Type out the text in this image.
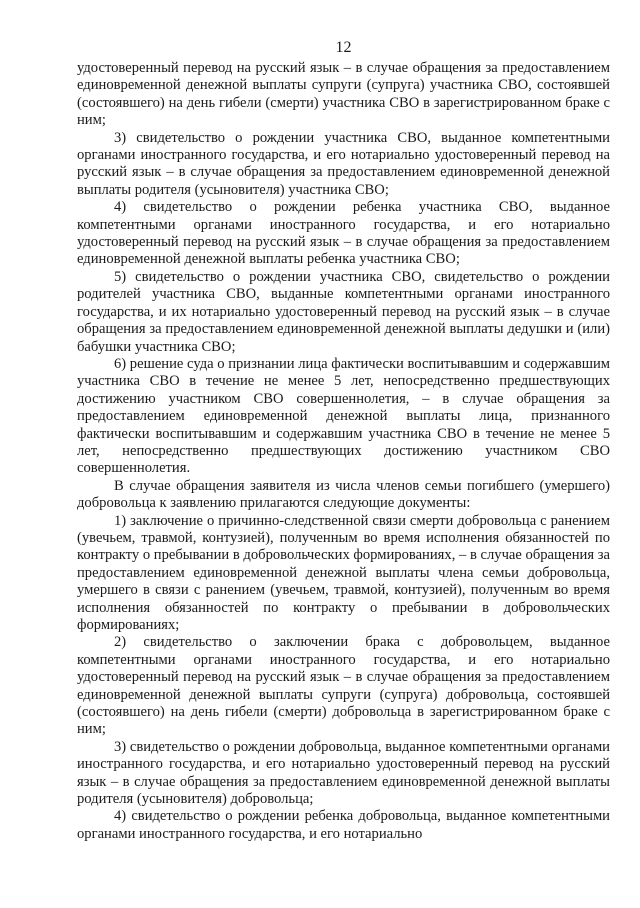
12

удостоверенный перевод на русский язык – в случае обращения за предоставлением единовременной денежной выплаты супруги (супруга) участника СВО, состоявшей (состоявшего) на день гибели (смерти) участника СВО в зарегистрированном браке с ним;

3) свидетельство о рождении участника СВО, выданное компетентными органами иностранного государства, и его нотариально удостоверенный перевод на русский язык – в случае обращения за предоставлением единовременной денежной выплаты родителя (усыновителя) участника СВО;

4) свидетельство о рождении ребенка участника СВО, выданное компетентными органами иностранного государства, и его нотариально удостоверенный перевод на русский язык – в случае обращения за предоставлением единовременной денежной выплаты ребенка участника СВО;

5) свидетельство о рождении участника СВО, свидетельство о рождении родителей участника СВО, выданные компетентными органами иностранного государства, и их нотариально удостоверенный перевод на русский язык – в случае обращения за предоставлением единовременной денежной выплаты дедушки и (или) бабушки участника СВО;

6) решение суда о признании лица фактически воспитывавшим и содержавшим участника СВО в течение не менее 5 лет, непосредственно предшествующих достижению участником СВО совершеннолетия, – в случае обращения за предоставлением единовременной денежной выплаты лица, признанного фактически воспитывавшим и содержавшим участника СВО в течение не менее 5 лет, непосредственно предшествующих достижению участником СВО совершеннолетия.

В случае обращения заявителя из числа членов семьи погибшего (умершего) добровольца к заявлению прилагаются следующие документы:

1) заключение о причинно-следственной связи смерти добровольца с ранением (увечьем, травмой, контузией), полученным во время исполнения обязанностей по контракту о пребывании в добровольческих формированиях, – в случае обращения за предоставлением единовременной денежной выплаты члена семьи добровольца, умершего в связи с ранением (увечьем, травмой, контузией), полученным во время исполнения обязанностей по контракту о пребывании в добровольческих формированиях;

2) свидетельство о заключении брака с добровольцем, выданное компетентными органами иностранного государства, и его нотариально удостоверенный перевод на русский язык – в случае обращения за предоставлением единовременной денежной выплаты супруги (супруга) добровольца, состоявшей (состоявшего) на день гибели (смерти) добровольца в зарегистрированном браке с ним;

3) свидетельство о рождении добровольца, выданное компетентными органами иностранного государства, и его нотариально удостоверенный перевод на русский язык – в случае обращения за предоставлением единовременной денежной выплаты родителя (усыновителя) добровольца;

4) свидетельство о рождении ребенка добровольца, выданное компетентными органами иностранного государства, и его нотариально
